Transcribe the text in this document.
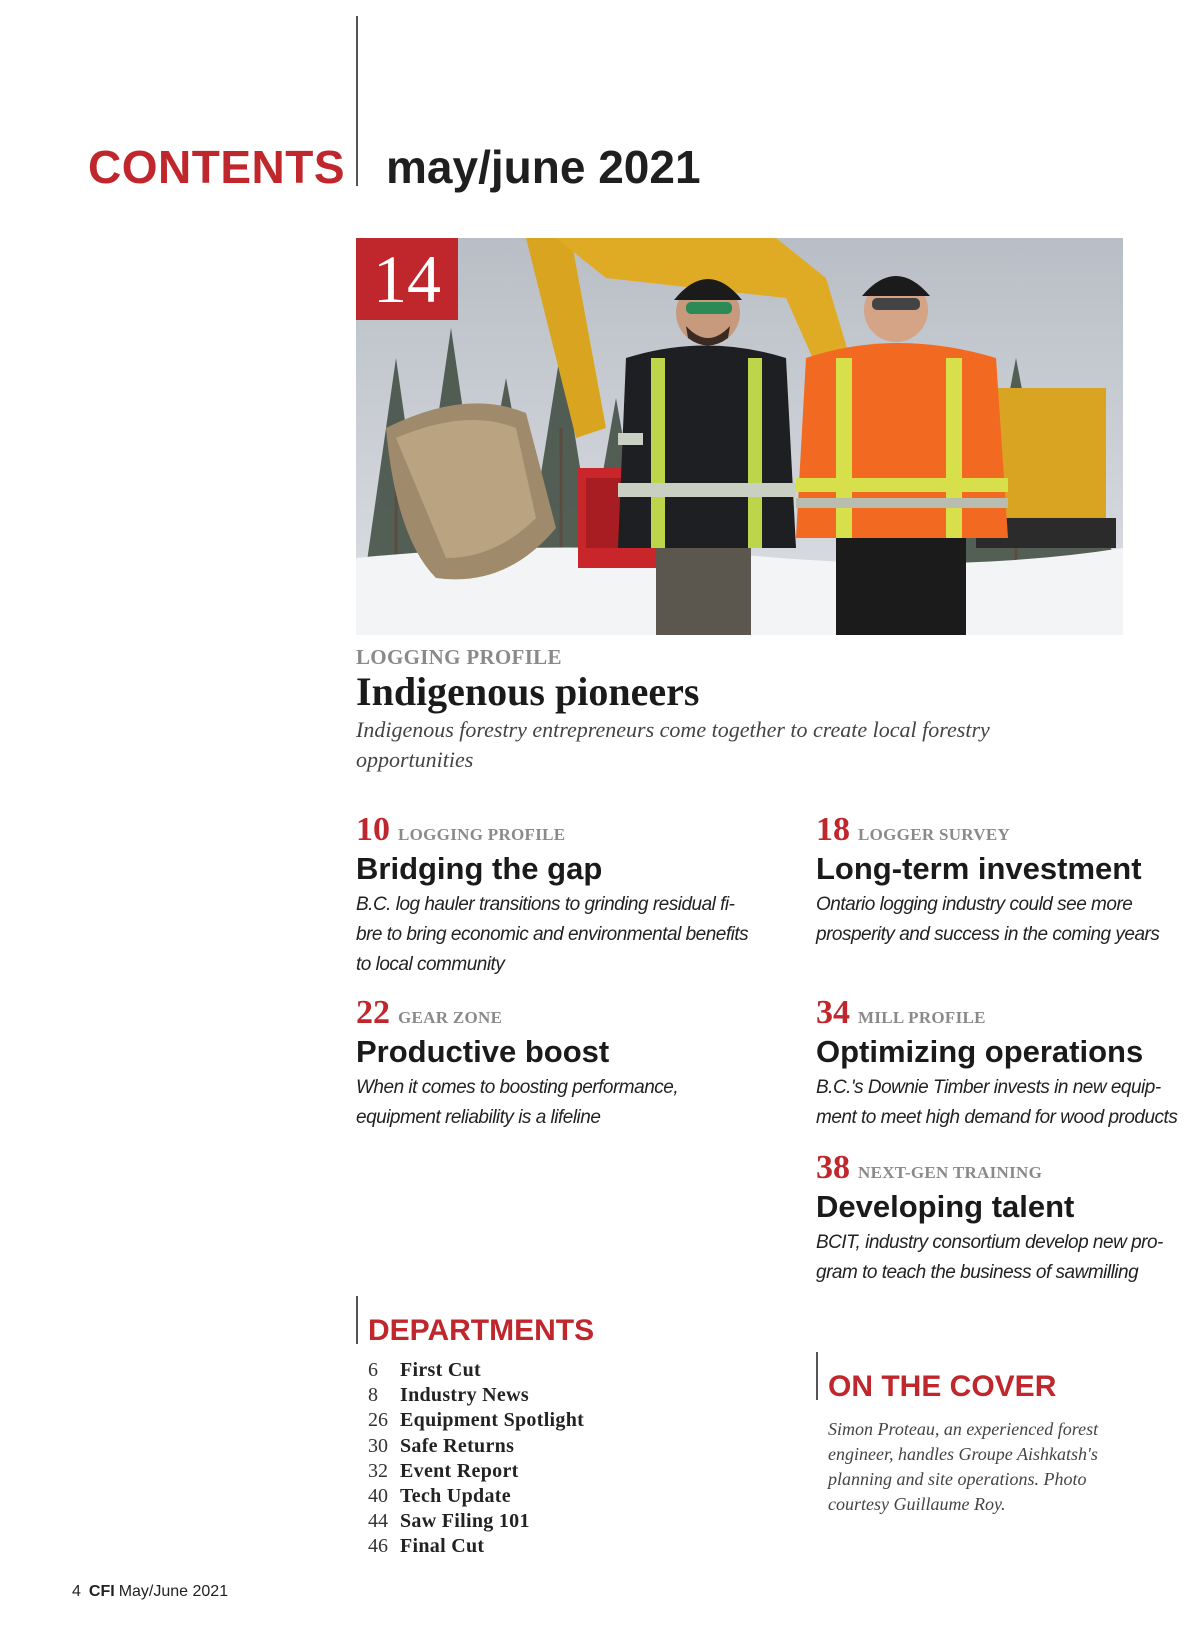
CONTENTS may/june 2021
14
LOGGING PROFILE
Indigenous pioneers
Indigenous forestry entrepreneurs come together to create local forestry opportunities
10 LOGGING PROFILE
Bridging the gap
B.C. log hauler transitions to grinding residual fi-
bre to bring economic and environmental benefits
to local community
18 LOGGER SURVEY
Long-term investment
Ontario logging industry could see more
prosperity and success in the coming years
22 GEAR ZONE
Productive boost
When it comes to boosting performance,
equipment reliability is a lifeline
34 MILL PROFILE
Optimizing operations
B.C.'s Downie Timber invests in new equip-
ment to meet high demand for wood products
38 NEXT-GEN TRAINING
Developing talent
BCIT, industry consortium develop new pro-
gram to teach the business of sawmilling
DEPARTMENTS
6	First Cut
8	Industry News
26 Equipment Spotlight
30 Safe Returns
32 Event Report
40 Tech Update
44 Saw Filing 101
46 Final Cut
ON THE COVER
Simon Proteau, an experienced forest engineer, handles Groupe Aishkatsh's planning and site operations. Photo courtesy Guillaume Roy.
4 CFI May/June 2021
